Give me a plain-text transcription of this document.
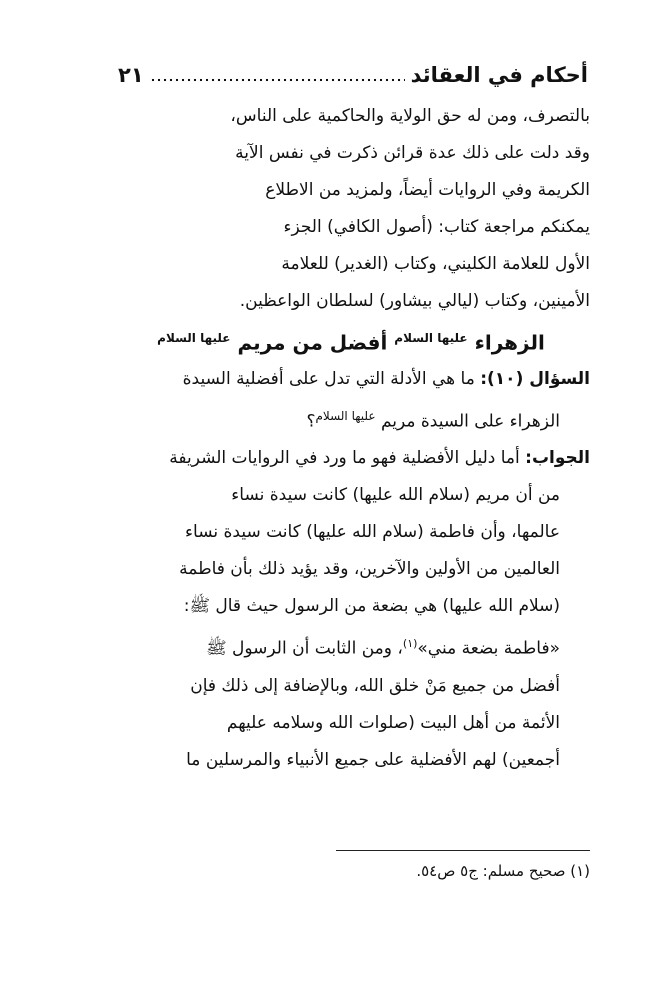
أحكام في العقائد
٢١

بالتصرف، ومن له حق الولاية والحاكمية على الناس،

وقد دلت على ذلك عدة قرائن ذكرت في نفس الآية

الكريمة وفي الروايات أيضاً، ولمزيد من الاطلاع

يمكنكم مراجعة كتاب: (أصول الكافي) الجزء

الأول للعلامة الكليني، وكتاب (الغدير) للعلامة

الأمينين، وكتاب (ليالي بيشاور) لسلطان الواعظين.

الزهراء $^{عليها السلام}$ أفضل من مريم $^{عليها السلام}$

السؤال (١٠): ما هي الأدلة التي تدل على أفضلية السيدة

الزهراء على السيدة مريم $^{عليها السلام}$؟

الجواب: أما دليل الأفضلية فهو ما ورد في الروايات الشريفة

من أن مريم (سلام الله عليها) كانت سيدة نساء

عالمها، وأن فاطمة (سلام الله عليها) كانت سيدة نساء

العالمين من الأولين والآخرين، وقد يؤيد ذلك بأن فاطمة

(سلام الله عليها) هي بضعة من الرسول حيث قال ﷺ:

«فاطمة بضعة مني»$^{(١)}$، ومن الثابت أن الرسول ﷺ

أفضل من جميع مَنْ خلق الله، وبالإضافة إلى ذلك فإن

الأئمة من أهل البيت (صلوات الله وسلامه عليهم

أجمعين) لهم الأفضلية على جميع الأنبياء والمرسلين ما

(١) صحيح مسلم: ج٥ ص٥٤.
